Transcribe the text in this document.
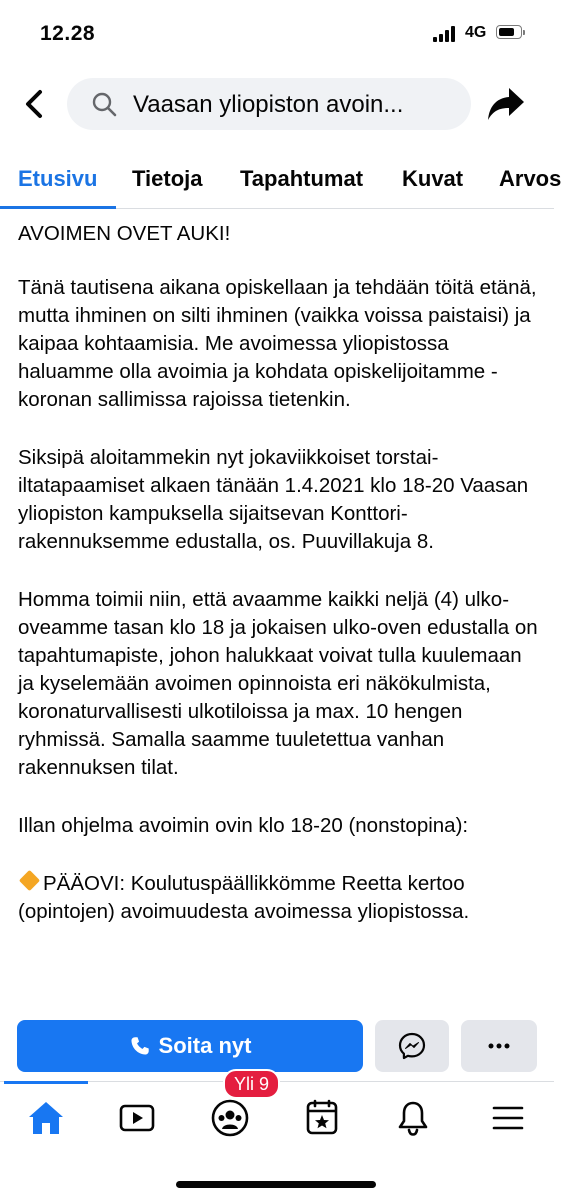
12.28	4G
Vaasan yliopiston avoin...
Etusivu Tietoja Tapahtumat Kuvat Arvos

AVOIMEN OVET AUKI!

Tänä tautisena aikana opiskellaan ja tehdään töitä etänä, mutta ihminen on silti ihminen (vaikka voissa paistaisi) ja kaipaa kohtaamisia. Me avoimessa yliopistossa haluamme olla avoimia ja kohdata opiskelijoitamme - koronan sallimissa rajoissa tietenkin.

Siksipä aloitammekin nyt jokaviikkoiset torstai-iltatapaamiset alkaen tänään 1.4.2021 klo 18-20 Vaasan yliopiston kampuksella sijaitsevan Konttori-rakennuksemme edustalla, os. Puuvillakuja 8.

Homma toimii niin, että avaamme kaikki neljä (4) ulko-oveamme tasan klo 18 ja jokaisen ulko-oven edustalla on tapahtumapiste, johon halukkaat voivat tulla kuulemaan ja kyselemään avoimen opinnoista eri näkökulmista, koronaturvallisesti ulkotiloissa ja max. 10 hengen ryhmissä. Samalla saamme tuuletettua vanhan rakennuksen tilat.

Illan ohjelma avoimin ovin klo 18-20 (nonstopina):

PÄÄOVI: Koulutuspäällikkömme Reetta kertoo (opintojen) avoimuudesta avoimessa yliopistossa.

Soita nyt
Yli 9
